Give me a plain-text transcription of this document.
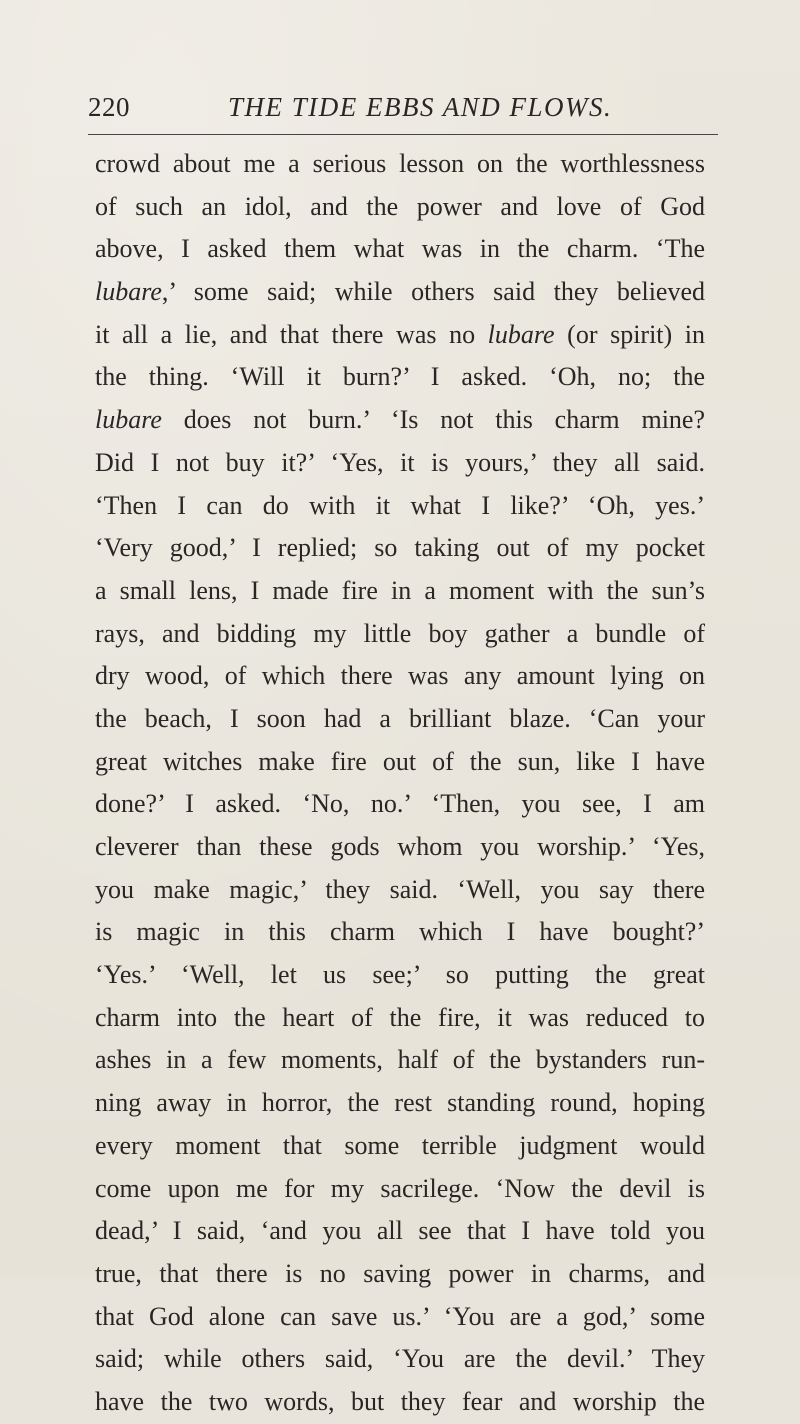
220	THE TIDE EBBS AND FLOWS.
crowd about me a serious lesson on the worthlessness
of such an idol, and the power and love of God
above, I asked them what was in the charm. ‘The
lubare,’ some said; while others said they believed
it all a lie, and that there was no lubare (or spirit) in
the thing. ‘Will it burn?’ I asked. ‘Oh, no; the
lubare does not burn.’ ‘Is not this charm mine?
Did I not buy it?’ ‘Yes, it is yours,’ they all said.
‘Then I can do with it what I like?’ ‘Oh, yes.’
‘Very good,’ I replied; so taking out of my pocket
a small lens, I made fire in a moment with the sun’s
rays, and bidding my little boy gather a bundle of
dry wood, of which there was any amount lying on
the beach, I soon had a brilliant blaze. ‘Can your
great witches make fire out of the sun, like I have
done?’ I asked. ‘No, no.’ ‘Then, you see, I am
cleverer than these gods whom you worship.’ ‘Yes,
you make magic,’ they said. ‘Well, you say there
is magic in this charm which I have bought?’
‘Yes.’ ‘Well, let us see;’ so putting the great
charm into the heart of the fire, it was reduced to
ashes in a few moments, half of the bystanders run-
ning away in horror, the rest standing round, hoping
every moment that some terrible judgment would
come upon me for my sacrilege. ‘Now the devil is
dead,’ I said, ‘and you all see that I have told you
true, that there is no saving power in charms, and
that God alone can save us.’ ‘You are a god,’ some
said; while others said, ‘You are the devil.’ They
have the two words, but they fear and worship the
